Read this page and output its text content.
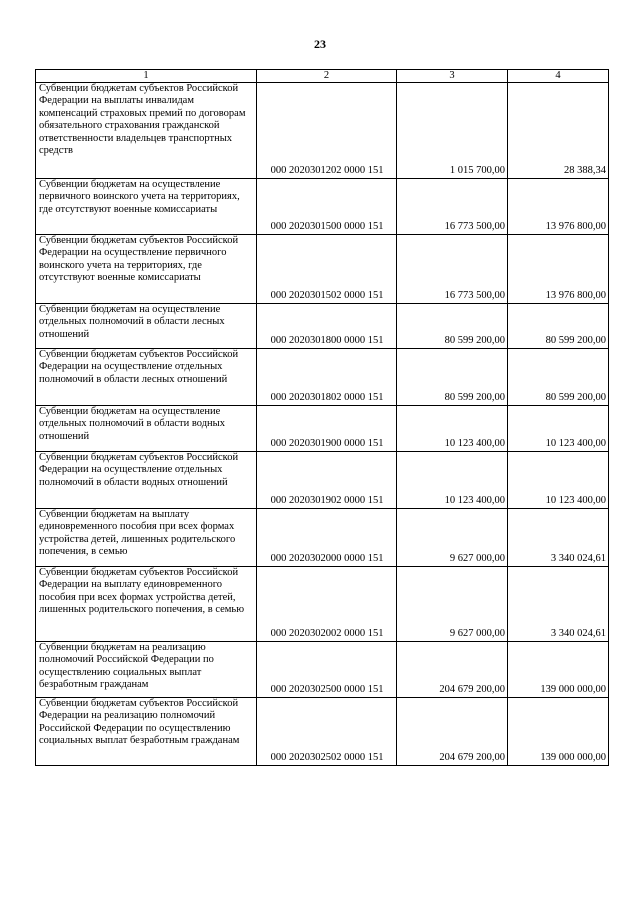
23
1	2	3	4
Субвенции бюджетам субъектов Российской Федерации на выплаты инвалидам компенсаций страховых премий по договорам обязательного страхования гражданской ответственности владельцев транспортных средств	000 2020301202 0000 151	1 015 700,00	28 388,34
Субвенции бюджетам на осуществление первичного воинского учета на территориях, где отсутствуют военные комиссариаты	000 2020301500 0000 151	16 773 500,00	13 976 800,00
Субвенции бюджетам субъектов Российской Федерации на осуществление первичного воинского учета на территориях, где отсутствуют военные комиссариаты	000 2020301502 0000 151	16 773 500,00	13 976 800,00
Субвенции бюджетам на осуществление отдельных полномочий в области лесных отношений	000 2020301800 0000 151	80 599 200,00	80 599 200,00
Субвенции бюджетам субъектов Российской Федерации на осуществление отдельных полномочий в области лесных отношений	000 2020301802 0000 151	80 599 200,00	80 599 200,00
Субвенции бюджетам на осуществление отдельных полномочий в области водных отношений	000 2020301900 0000 151	10 123 400,00	10 123 400,00
Субвенции бюджетам субъектов Российской Федерации на осуществление отдельных полномочий в области водных отношений	000 2020301902 0000 151	10 123 400,00	10 123 400,00
Субвенции бюджетам на выплату единовременного пособия при всех формах устройства детей, лишенных родительского попечения, в семью	000 2020302000 0000 151	9 627 000,00	3 340 024,61
Субвенции бюджетам субъектов Российской Федерации на выплату единовременного пособия при всех формах устройства детей, лишенных родительского попечения, в семью	000 2020302002 0000 151	9 627 000,00	3 340 024,61
Субвенции бюджетам на реализацию полномочий Российской Федерации по осуществлению социальных выплат безработным гражданам	000 2020302500 0000 151	204 679 200,00	139 000 000,00
Субвенции бюджетам субъектов Российской Федерации на реализацию полномочий Российской Федерации по осуществлению социальных выплат безработным гражданам	000 2020302502 0000 151	204 679 200,00	139 000 000,00
